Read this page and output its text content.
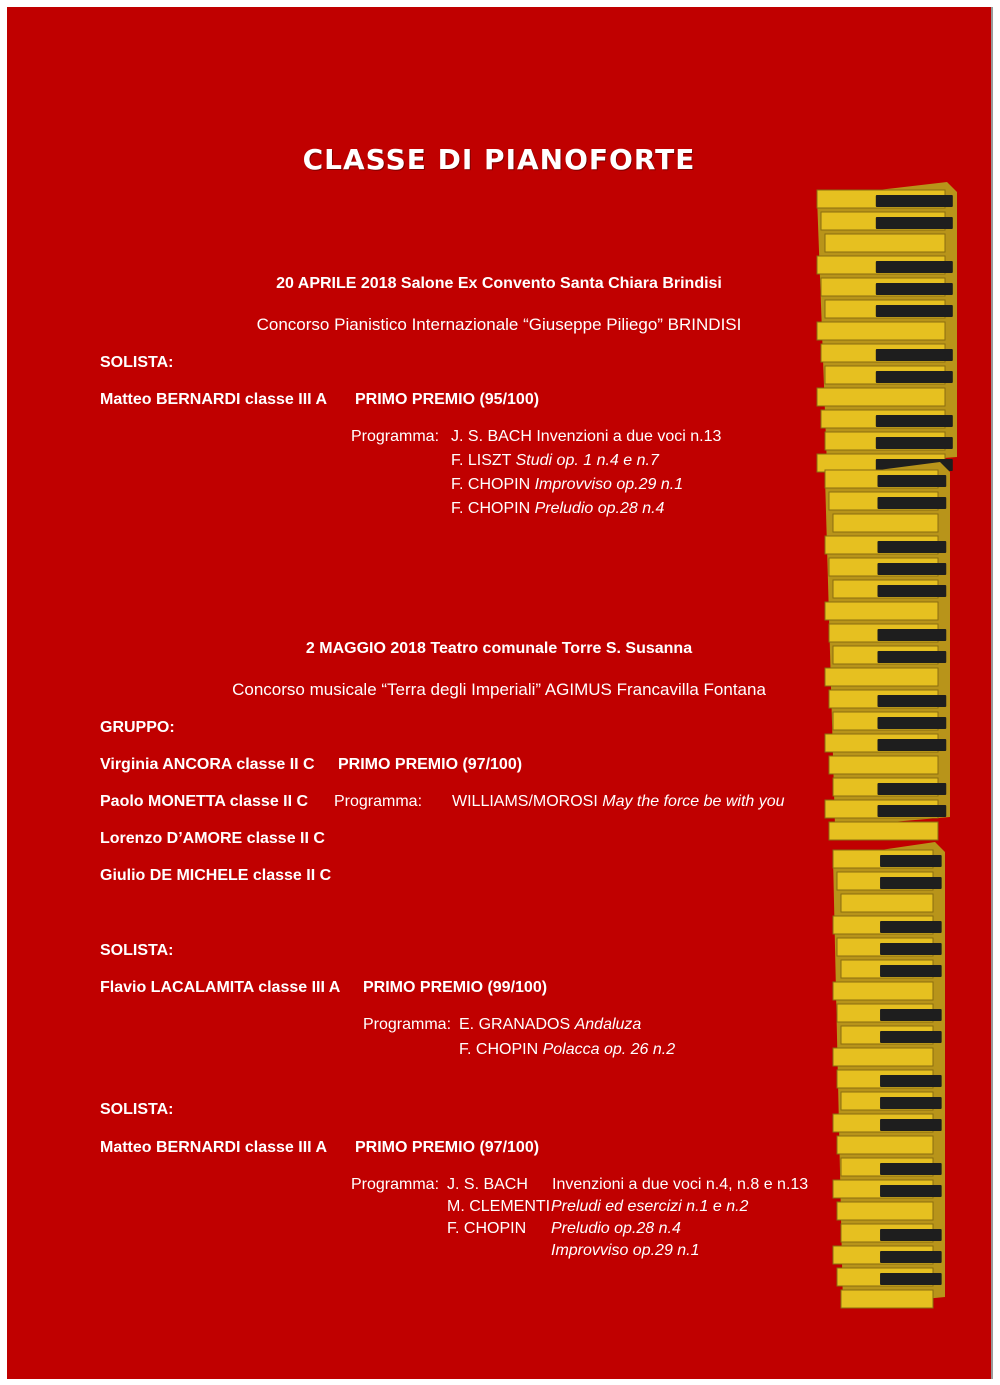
CLASSE DI PIANOFORTE
20 APRILE 2018 Salone Ex Convento Santa Chiara Brindisi
Concorso Pianistico Internazionale “Giuseppe Piliego” BRINDISI
SOLISTA:
Matteo BERNARDI classe III A PRIMO PREMIO (95/100)
Programma: J. S. BACH Invenzioni a due voci n.13
F. LISZT Studi op. 1 n.4 e n.7
F. CHOPIN Improvviso op.29 n.1
F. CHOPIN Preludio op.28 n.4
2 MAGGIO 2018 Teatro comunale Torre S. Susanna
Concorso musicale “Terra degli Imperiali” AGIMUS Francavilla Fontana
GRUPPO:
Virginia ANCORA classe II C PRIMO PREMIO (97/100)
Paolo MONETTA classe II C Programma: WILLIAMS/MOROSI May the force be with you
Lorenzo D’AMORE classe II C
Giulio DE MICHELE classe II C
SOLISTA:
Flavio LACALAMITA classe III A PRIMO PREMIO (99/100)
Programma: E. GRANADOS Andaluza
F. CHOPIN Polacca op. 26 n.2
SOLISTA:
Matteo BERNARDI classe III A PRIMO PREMIO (97/100)
Programma: J. S. BACH Invenzioni a due voci n.4, n.8 e n.13
M. CLEMENTI Preludi ed esercizi n.1 e n.2
F. CHOPIN Preludio op.28 n.4
Improvviso op.29 n.1
